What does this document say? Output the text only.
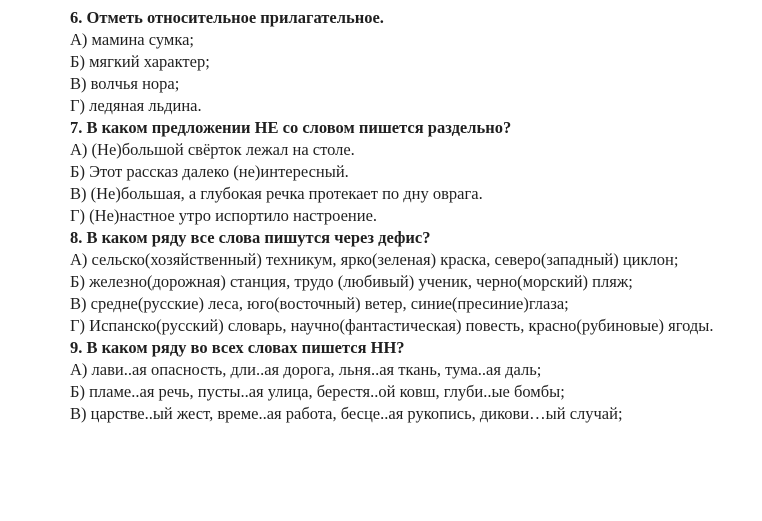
6. Отметь относительное прилагательное.

А) мамина сумка;

Б) мягкий характер;

В) волчья нора;

Г) ледяная льдина.

7. В каком предложении НЕ со словом пишется раздельно?

А) (Не)большой свёрток лежал на столе.

Б) Этот рассказ далеко (не)интересный.

В) (Не)большая, а глубокая речка протекает по дну оврага.

Г) (Не)настное утро испортило настроение.

8. В каком ряду все слова пишутся через дефис?

А) сельско(хозяйственный) техникум, ярко(зеленая) краска, северо(западный) циклон;

Б) железно(дорожная) станция, трудо (любивый) ученик, черно(морский) пляж;

В) средне(русские) леса, юго(восточный) ветер, синие(пресиние)глаза;

Г) Испанско(русский) словарь, научно(фантастическая) повесть, красно(рубиновые) ягоды.

9. В каком ряду во всех словах пишется НН?

А) лави..ая опасность, дли..ая дорога, льня..ая ткань, тума..ая даль;

Б) пламе..ая речь, пусты..ая улица, берестя..ой ковш, глуби..ые бомбы;

В) царстве..ый жест, време..ая работа, бесце..ая рукопись, дикови…ый случай;
